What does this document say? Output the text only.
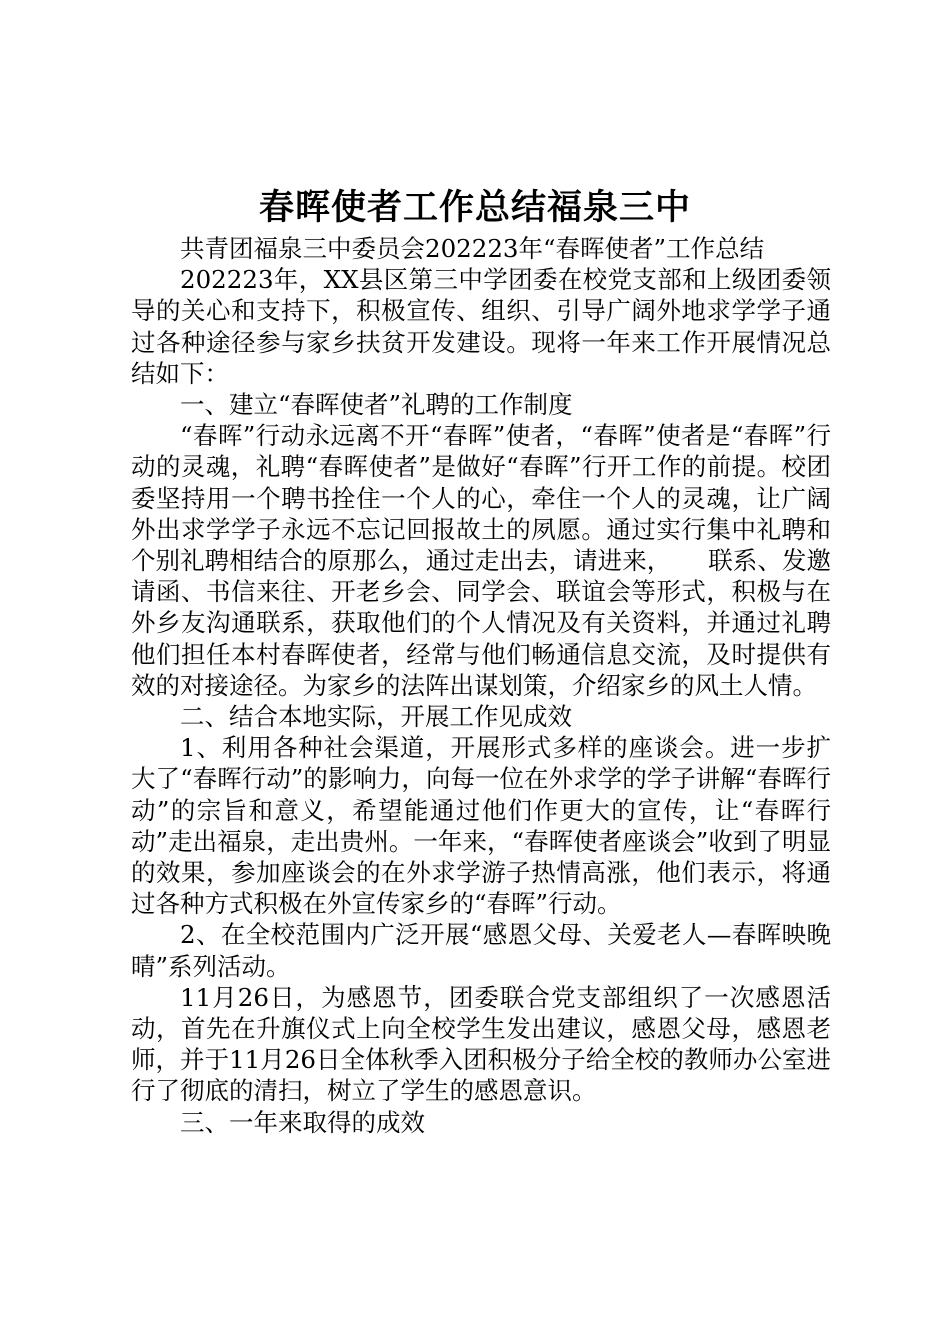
春晖使者工作总结福泉三中

共青团福泉三中委员会202223年“春晖使者”工作总结

202223年，XX县区第三中学团委在校党支部和上级团委领导的关心和支持下，积极宣传、组织、引导广阔外地求学学子通过各种途径参与家乡扶贫开发建设。现将一年来工作开展情况总结如下：

一、建立“春晖使者”礼聘的工作制度

“春晖”行动永远离不开“春晖”使者，“春晖”使者是“春晖”行动的灵魂，礼聘“春晖使者”是做好“春晖”行开工作的前提。校团委坚持用一个聘书拴住一个人的心，牵住一个人的灵魂，让广阔外出求学学子永远不忘记回报故土的夙愿。通过实行集中礼聘和个别礼聘相结合的原那么，通过走出去，请进来，　　联系、发邀请函、书信来往、开老乡会、同学会、联谊会等形式，积极与在外乡友沟通联系，获取他们的个人情况及有关资料，并通过礼聘他们担任本村春晖使者，经常与他们畅通信息交流，及时提供有效的对接途径。为家乡的法阵出谋划策，介绍家乡的风土人情。

二、结合本地实际，开展工作见成效

1、利用各种社会渠道，开展形式多样的座谈会。进一步扩大了“春晖行动”的影响力，向每一位在外求学的学子讲解“春晖行动”的宗旨和意义，希望能通过他们作更大的宣传，让“春晖行动”走出福泉，走出贵州。一年来，“春晖使者座谈会”收到了明显的效果，参加座谈会的在外求学游子热情高涨，他们表示，将通过各种方式积极在外宣传家乡的“春晖”行动。

2、在全校范围内广泛开展“感恩父母、关爱老人—春晖映晚晴”系列活动。

11月26日，为感恩节，团委联合党支部组织了一次感恩活动，首先在升旗仪式上向全校学生发出建议，感恩父母，感恩老师，并于11月26日全体秋季入团积极分子给全校的教师办公室进行了彻底的清扫，树立了学生的感恩意识。

三、一年来取得的成效
